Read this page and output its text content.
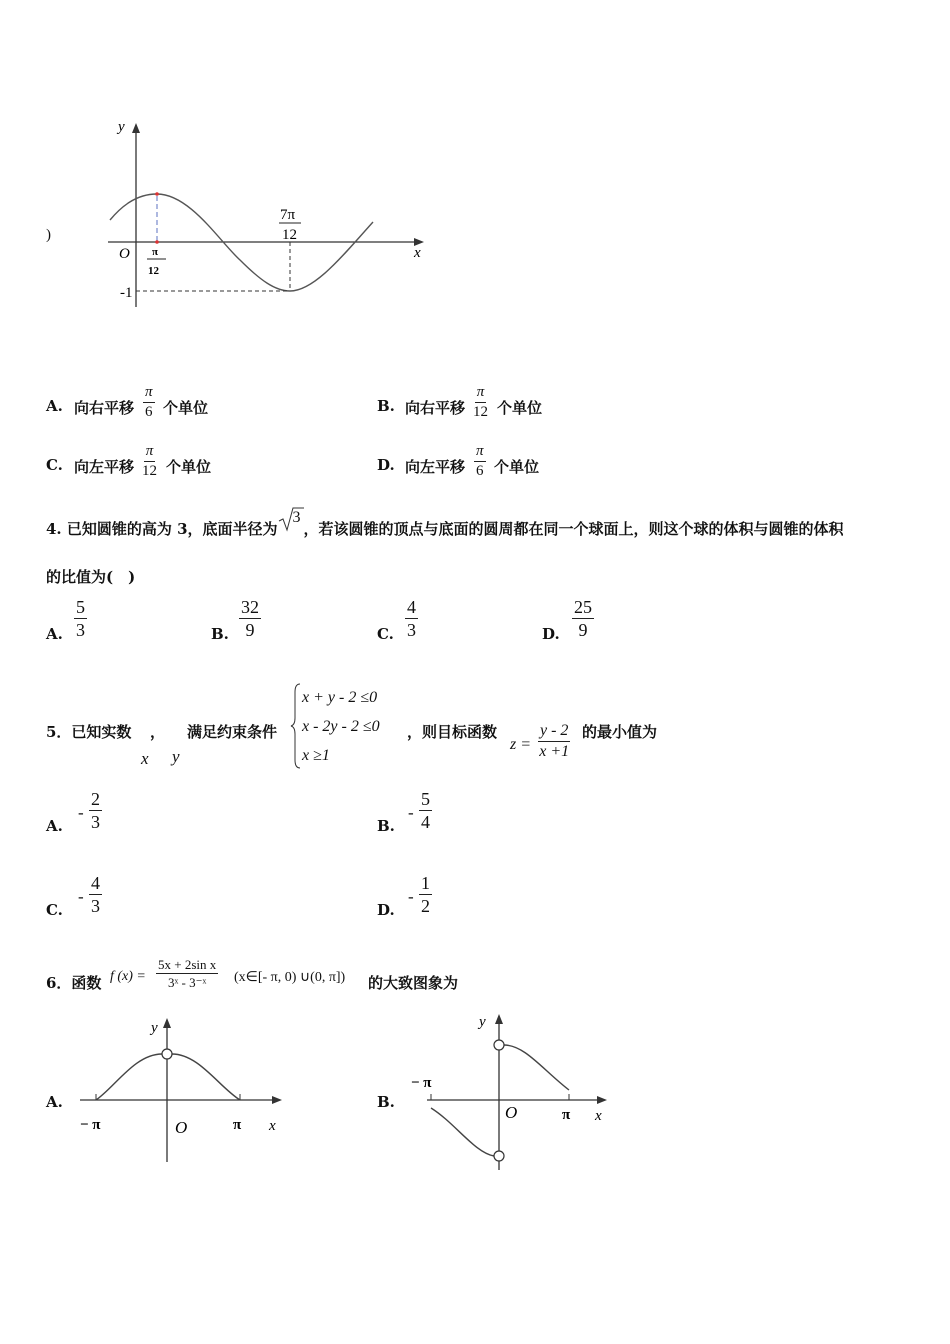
)
y
x
O π
12
7π
12
-1
A. 向右平移 $\frac{\pi}{6}$ 个单位	B. 向右平移 $\frac{\pi}{12}$ 个单位
C. 向左平移 $\frac{\pi}{12}$ 个单位	D. 向左平移 $\frac{\pi}{6}$ 个单位
4. 已知圆锥的高为 3，底面半径为
3
，若该圆锥的顶点与底面的圆周都在同一个球面上，则这个球的体积与圆锥的体积
的比值为(　)
A. $\frac{5}{3}$	B. $\frac{32}{9}$	C. $\frac{4}{3}$	D. $\frac{25}{9}$
5．已知实数 ， 满足约束条件
x y
x + y - 2 ≤0
x - 2y - 2 ≤0
x ≥1
，则目标函数
$z = \frac{y - 2}{x +1}$ 的最小值为
A.
- $\frac{2}{3}$	B.
- $\frac{5}{4}$
C.
- $\frac{4}{3}$	D.
- $\frac{1}{2}$
6．函数 f $(x) = \frac{\text{5x + 2sin x}}{\text{3ˣ - 3⁻ˣ}}$ (x∈[- π, 0) ∪(0, π]) 的大致图象为
A.
y
x
O
− π	π
B.
y
x
O
− π
π
